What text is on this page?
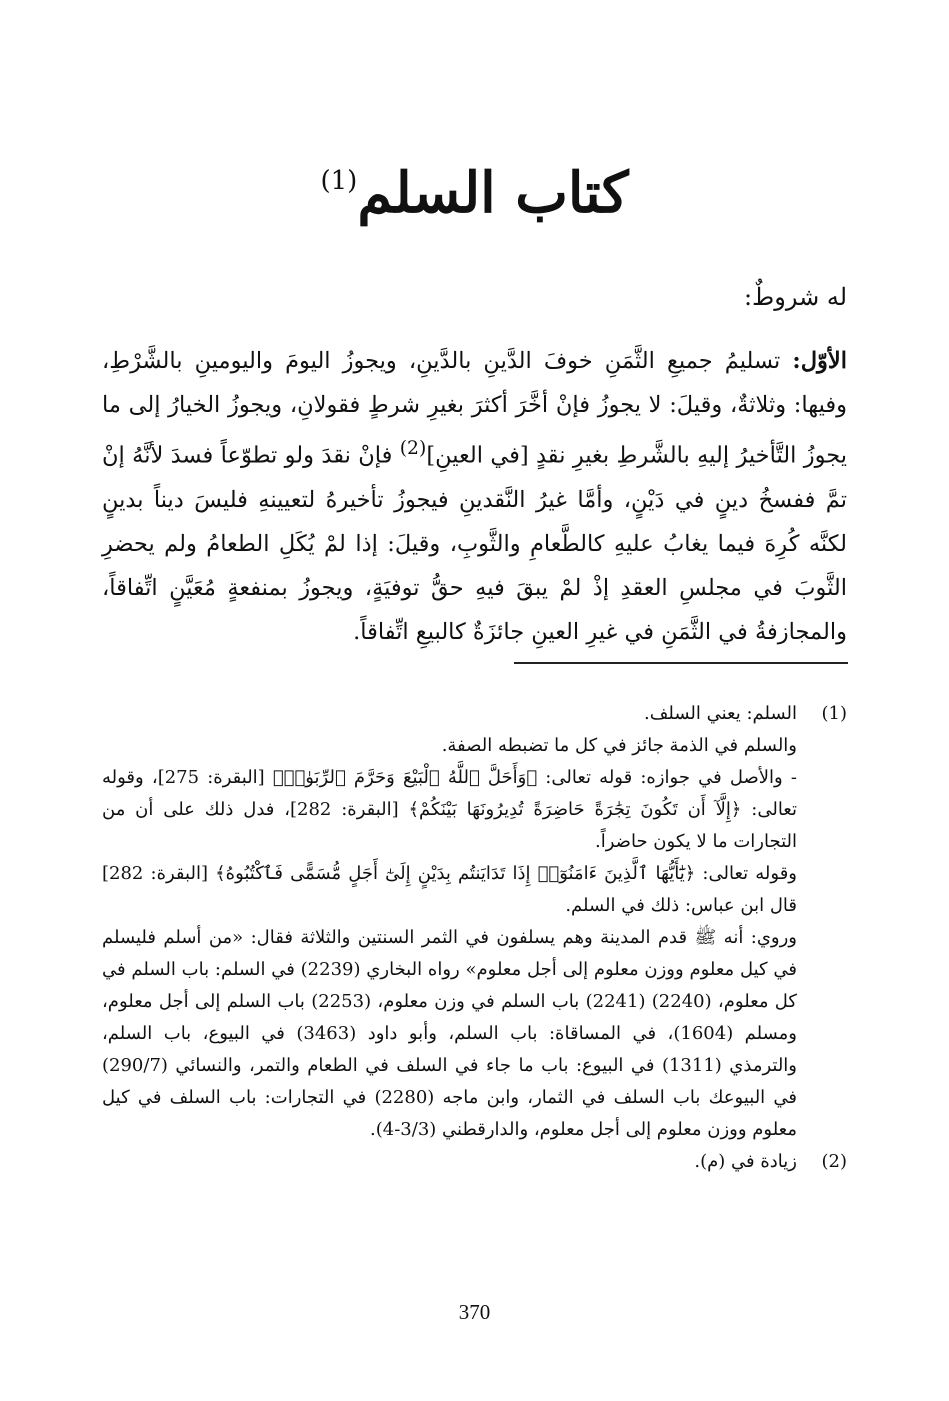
كتاب السلم$^{(1)}$
له شروطٌ:
الأوّل: تسليمُ جميعِ الثَّمَنِ خوفَ الدَّينِ بالدَّينِ، ويجوزُ اليومَ واليومينِ بالشَّرْطِ، وفيها: وثلاثةٌ، وقيلَ: لا يجوزُ فإنْ أخَّرَ أكثرَ بغيرِ شرطٍ فقولانِ، ويجوزُ الخيارُ إلى ما يجوزُ التَّأخيرُ إليهِ بالشَّرطِ بغيرِ نقدٍ [في العينِ]$^{(2)}$ فإنْ نقدَ ولو تطوّعاً فسدَ لأنَّهُ إنْ تمَّ ففسخُ دينٍ في دَيْنٍ، وأمَّا غيرُ النَّقدينِ فيجوزُ تأخيرهُ لتعيينهِ فليسَ ديناً بدينٍ لكنَّه كُرِهَ فيما يغابُ عليهِ كالطَّعامِ والثَّوبِ، وقيلَ: إذا لمْ يُكَلِ الطعامُ ولم يحضرِ الثَّوبَ في مجلسِ العقدِ إذْ لمْ يبقَ فيهِ حقُّ توفيَةٍ، ويجوزُ بمنفعةٍ مُعَيَّنٍ اتِّفاقاً، والمجازفةُ في الثَّمَنِ في غيرِ العينِ جائزَةٌ كالبيعِ اتِّفاقاً.
(1)

السلم: يعني السلف.

والسلم في الذمة جائز في كل ما تضبطه الصفة.

- والأصل في جوازه: قوله تعالى: ﴿وَأَحَلَّ ٱللَّهُ ٱلْبَيْعَ وَحَرَّمَ ٱلرِّبَوٰا۟﴾ [البقرة: 275]، وقوله تعالى: ﴿إِلَّآ أَن تَكُونَ تِجَٰرَةً حَاضِرَةً تُدِيرُونَهَا بَيْنَكُمْ﴾ [البقرة: 282]، فدل ذلك على أن من التجارات ما لا يكون حاضراً.

وقوله تعالى: ﴿يَٰٓأَيُّهَا ٱلَّذِينَ ءَامَنُوٓا۟ إِذَا تَدَايَنتُم بِدَيْنٍ إِلَىٰٓ أَجَلٍ مُّسَمًّى فَٱكْتُبُوهُ﴾ [البقرة: 282] قال ابن عباس: ذلك في السلم.

وروي: أنه ﷺ قدم المدينة وهم يسلفون في الثمر السنتين والثلاثة فقال: «من أسلم فليسلم في كيل معلوم ووزن معلوم إلى أجل معلوم» رواه البخاري (2239) في السلم: باب السلم في كل معلوم، (2240) (2241) باب السلم في وزن معلوم، (2253) باب السلم إلى أجل معلوم، ومسلم (1604)، في المساقاة: باب السلم، وأبو داود (3463) في البيوع، باب السلم، والترمذي (1311) في البيوع: باب ما جاء في السلف في الطعام والتمر، والنسائي (290/7) في البيوعك باب السلف في الثمار، وابن ماجه (2280) في التجارات: باب السلف في كيل معلوم ووزن معلوم إلى أجل معلوم، والدارقطني (3/3-4).

(2)

زيادة في (م).

370
